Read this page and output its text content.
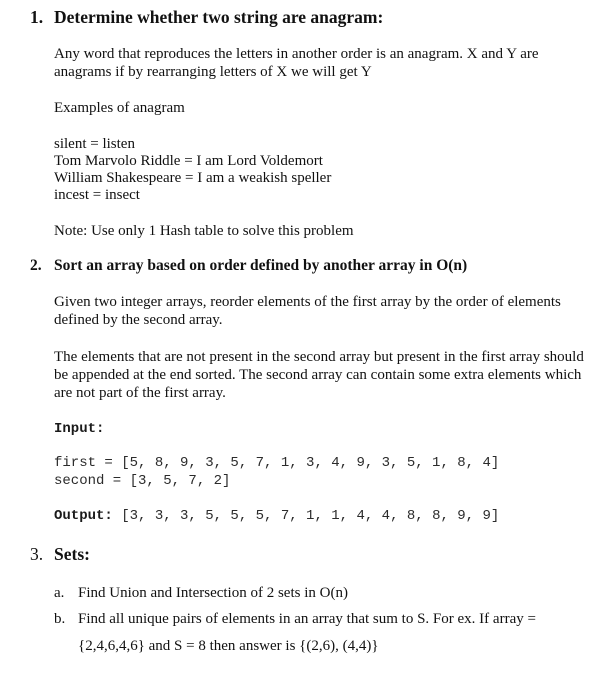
1. Determine whether two string are anagram:
Any word that reproduces the letters in another order is an anagram. X and Y are
anagrams if by rearranging letters of X we will get Y
Examples of anagram
silent = listen
Tom Marvolo Riddle = I am Lord Voldemort
William Shakespeare = I am a weakish speller
incest = insect
Note: Use only 1 Hash table to solve this problem
2. Sort an array based on order defined by another array in O(n)
Given two integer arrays, reorder elements of the first array by the order of elements
defined by the second array.
The elements that are not present in the second array but present in the first array should
be appended at the end sorted. The second array can contain some extra elements which
are not part of the first array.
Input:
first = [5, 8, 9, 3, 5, 7, 1, 3, 4, 9, 3, 5, 1, 8, 4]
second = [3, 5, 7, 2]
Output: [3, 3, 3, 5, 5, 5, 7, 1, 1, 4, 4, 8, 8, 9, 9]
3. Sets:
a. Find Union and Intersection of 2 sets in O(n)
b. Find all unique pairs of elements in an array that sum to S. For ex. If array =
{2,4,6,4,6} and S = 8 then answer is {(2,6), (4,4)}
